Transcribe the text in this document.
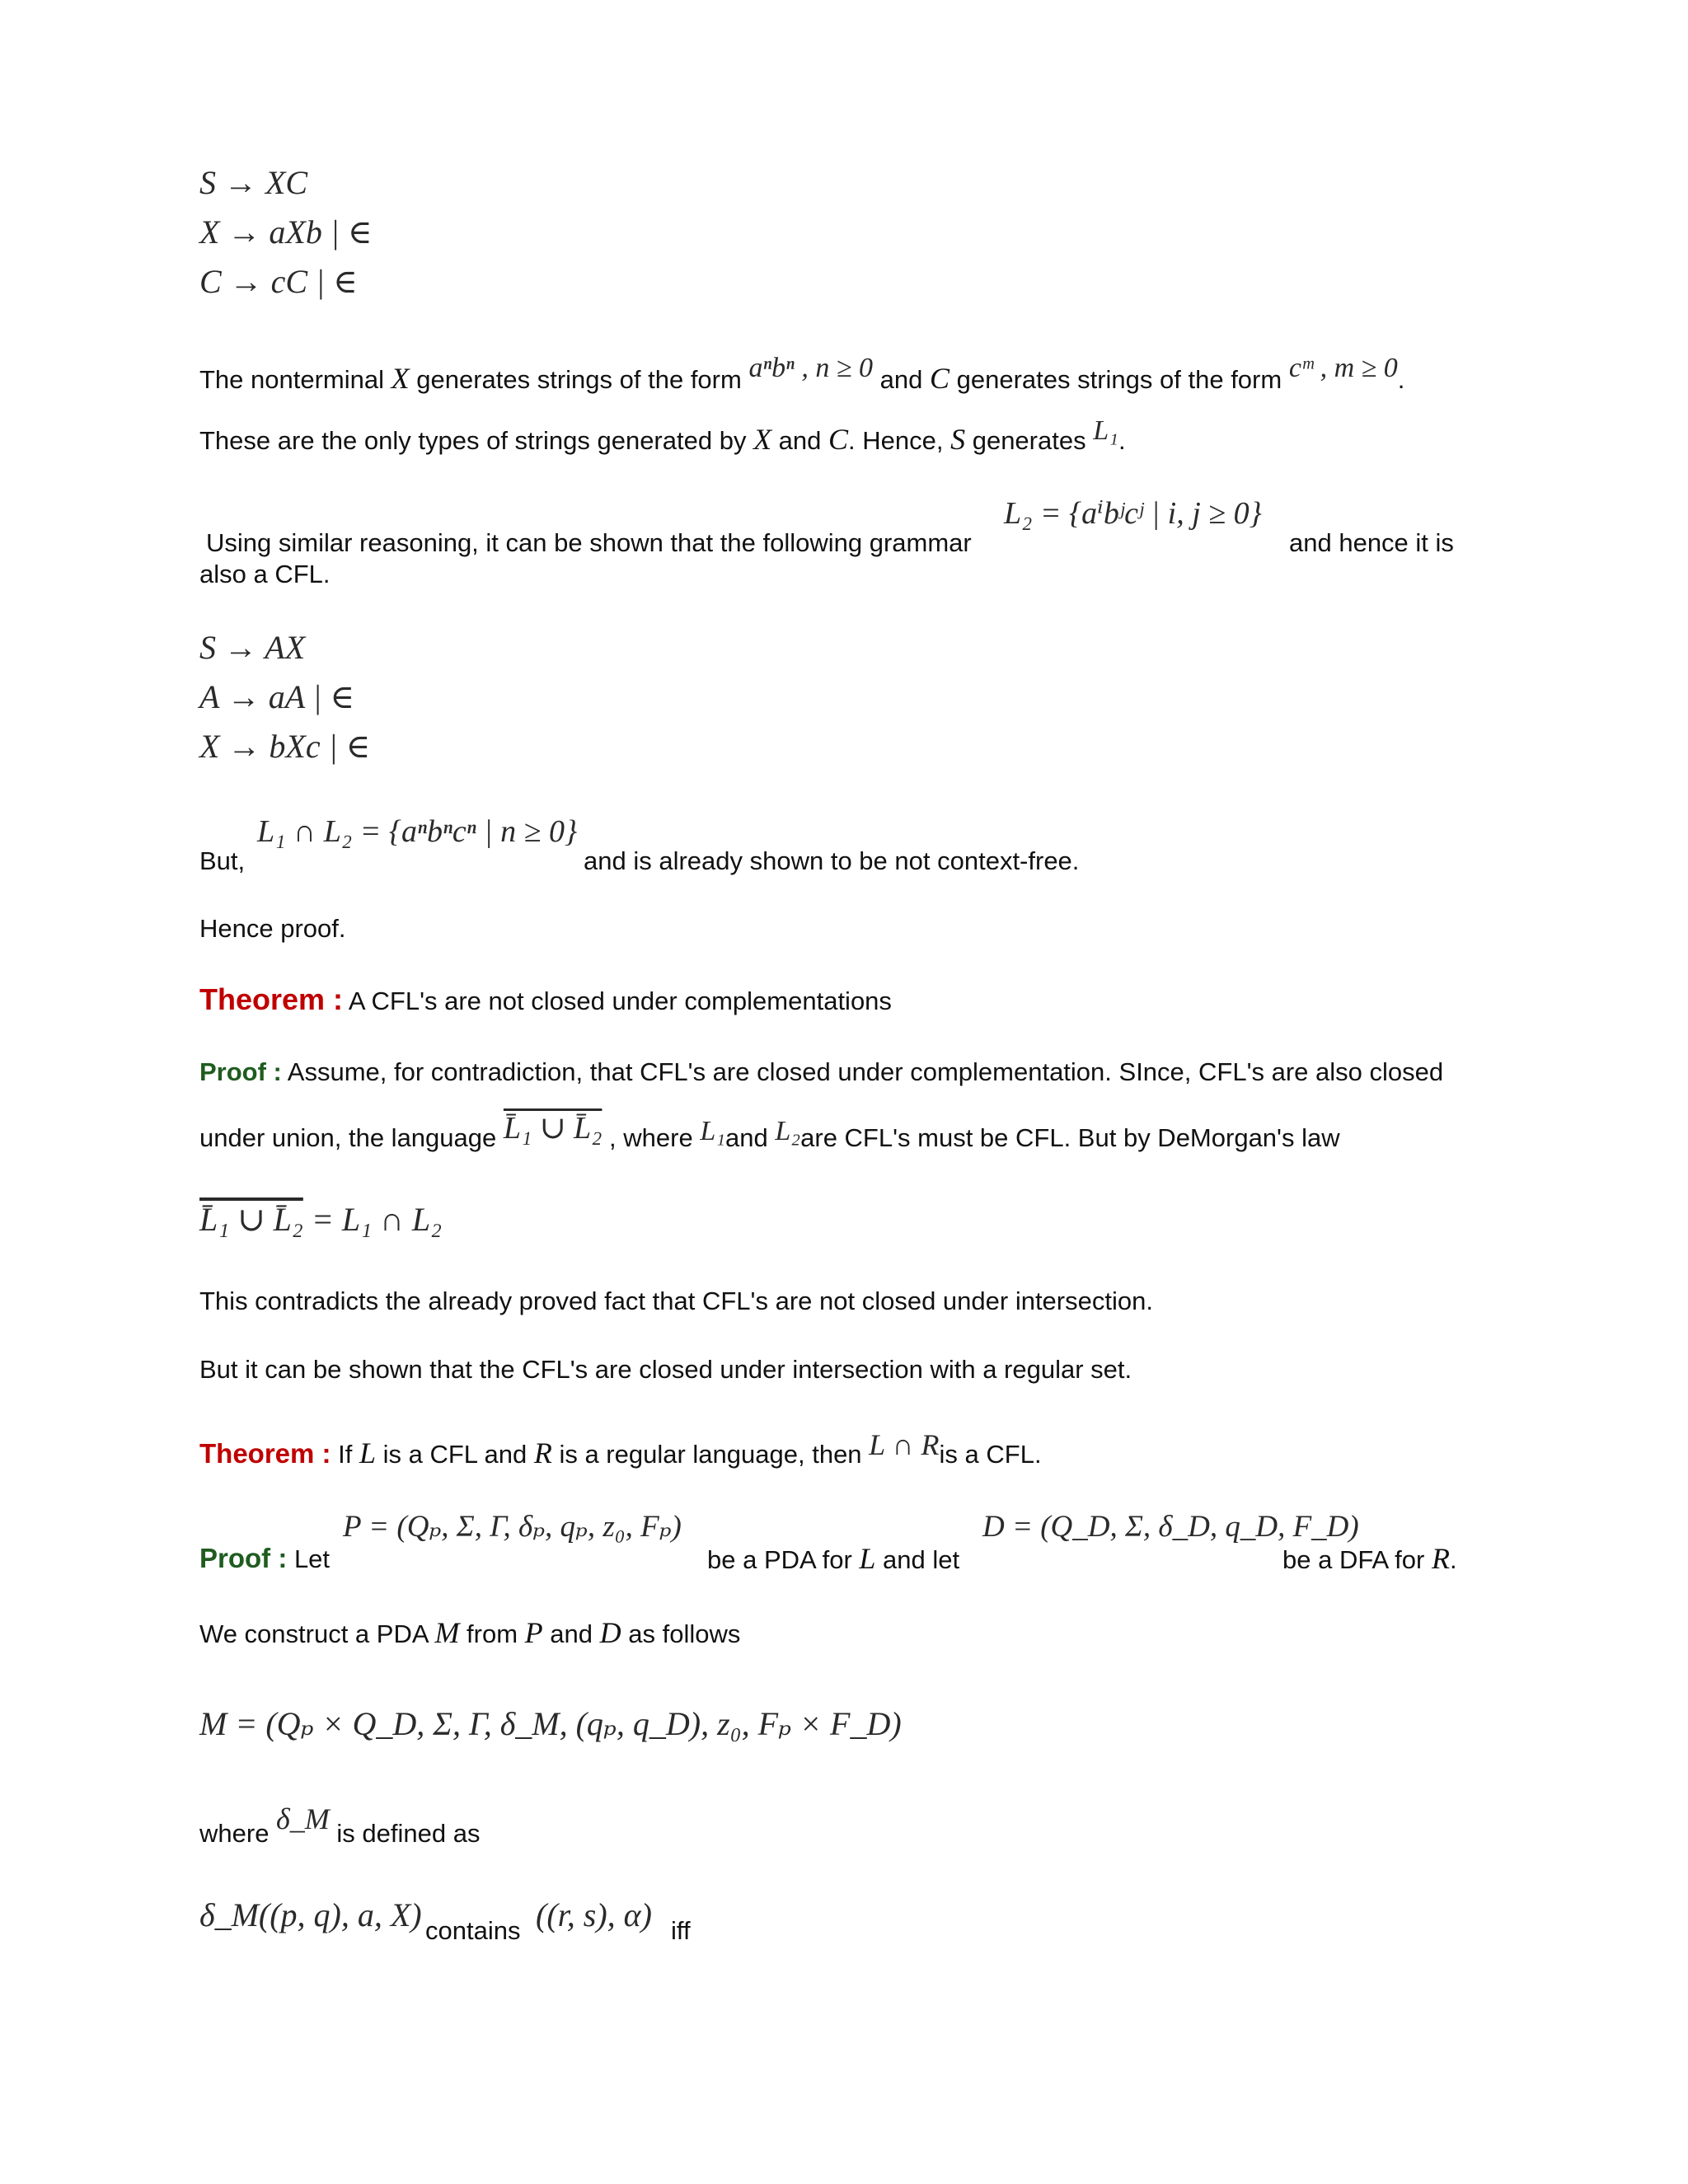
S → XC
X → aXb | ∈
C → cC | ∈
The nonterminal X generates strings of the form aⁿbⁿ , n ≥ 0 and C generates strings of the form cᵐ , m ≥ 0.
These are the only types of strings generated by X and C. Hence, S generates L₁.
Using similar reasoning, it can be shown that the following grammar
L₂ = {aⁱbʲcʲ | i, j ≥ 0}
and hence it is
also a CFL.
S → AX
A → aA | ∈
X → bXc | ∈
But,
L₁ ∩ L₂ = {aⁿbⁿcⁿ | n ≥ 0}
and is already shown to be not context-free.
Hence proof.
Theorem : A CFL's are not closed under complementations
Proof : Assume, for contradiction, that CFL's are closed under complementation. SInce, CFL's are also closed
under union, the language L̄₁ ∪ L̄₂ , where L₁and L₂are CFL's must be CFL. But by DeMorgan's law
L̄₁ ∪ L̄₂ = L₁ ∩ L₂
This contradicts the already proved fact that CFL's are not closed under intersection.
But it can be shown that the CFL's are closed under intersection with a regular set.
Theorem : If L is a CFL and R is a regular language, then L ∩ Ris a CFL.
Proof : Let
P = (Qₚ, Σ, Γ, δₚ, qₚ, z₀, Fₚ)
be a PDA for L and let
D = (Q_D, Σ, δ_D, q_D, F_D)
be a DFA for R.
We construct a PDA M from P and D as follows
M = (Qₚ × Q_D, Σ, Γ, δ_M, (qₚ, q_D), z₀, Fₚ × F_D)
where δ_M is defined as
δ_M((p, q), a, X) contains ((r, s), α) iff
